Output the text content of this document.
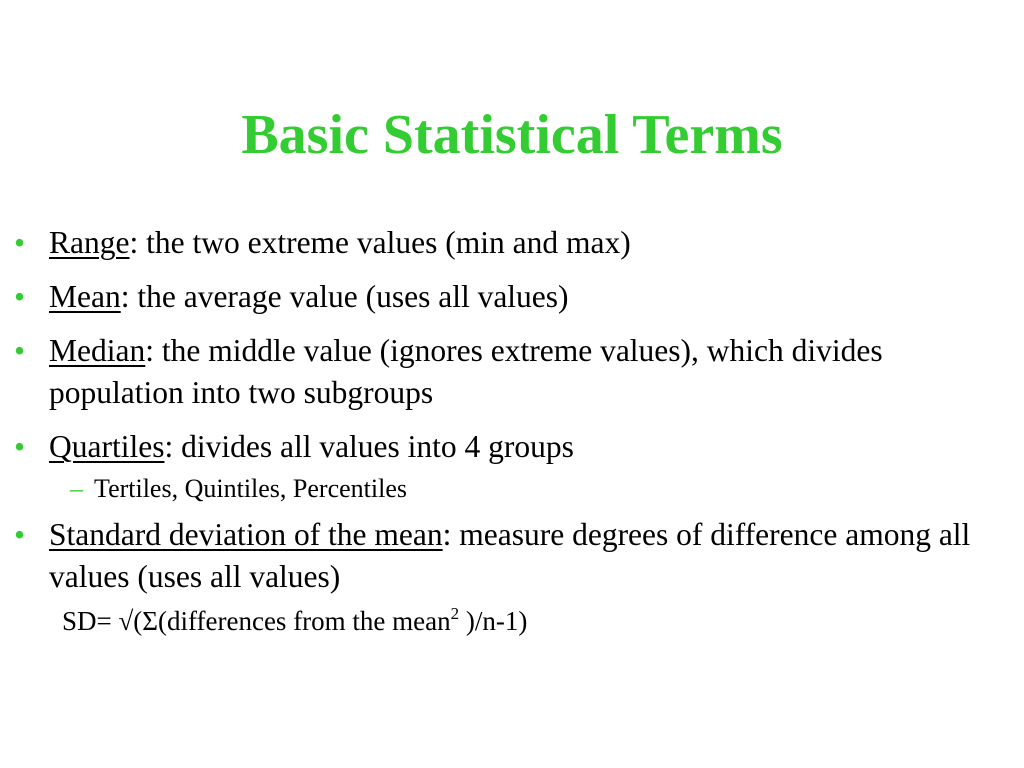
Basic Statistical Terms
• Range: the two extreme values (min and max)
• Mean: the average value (uses all values)
• Median: the middle value (ignores extreme values), which divides population into two subgroups
• Quartiles: divides all values into 4 groups
– Tertiles, Quintiles, Percentiles
• Standard deviation of the mean: measure degrees of difference among all values (uses all values)
SD= √(Σ(differences from the mean$^2$ )/n-1)
